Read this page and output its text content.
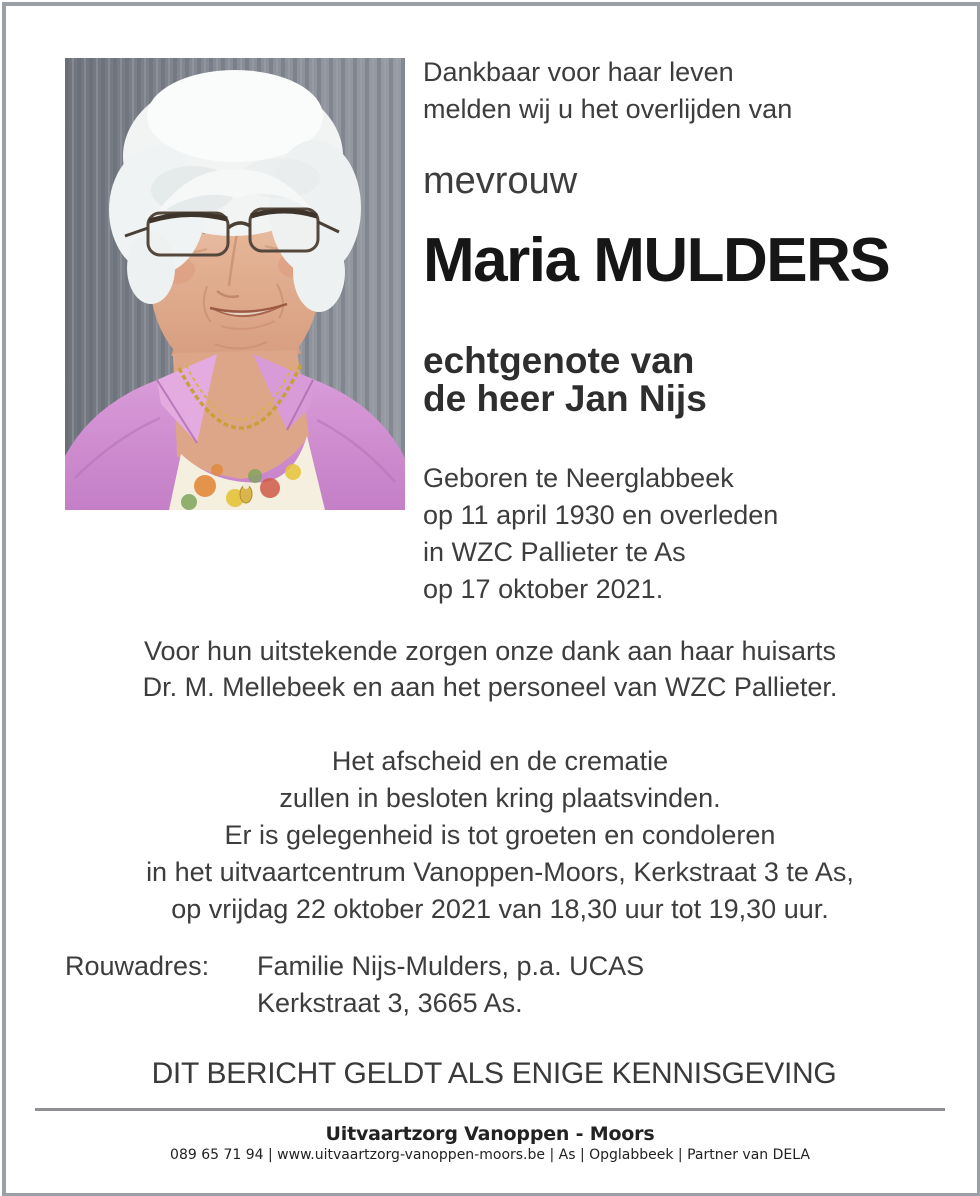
Dankbaar voor haar leven
melden wij u het overlijden van
mevrouw
Maria MULDERS
echtgenote van
de heer Jan Nijs
Geboren te Neerglabbeek
op 11 april 1930 en overleden
in WZC Pallieter te As
op 17 oktober 2021.
Voor hun uitstekende zorgen onze dank aan haar huisarts
Dr. M. Mellebeek en aan het personeel van WZC Pallieter.
Het afscheid en de crematie
zullen in besloten kring plaatsvinden.
Er is gelegenheid is tot groeten en condoleren
in het uitvaartcentrum Vanoppen-Moors, Kerkstraat 3 te As,
op vrijdag 22 oktober 2021 van 18,30 uur tot 19,30 uur.
Rouwadres:	Familie Nijs-Mulders, p.a. UCAS
Kerkstraat 3, 3665 As.
DIT BERICHT GELDT ALS ENIGE KENNISGEVING
Uitvaartzorg Vanoppen - Moors
089 65 71 94 | www.uitvaartzorg-vanoppen-moors.be | As | Opglabbeek | Partner van DELA
